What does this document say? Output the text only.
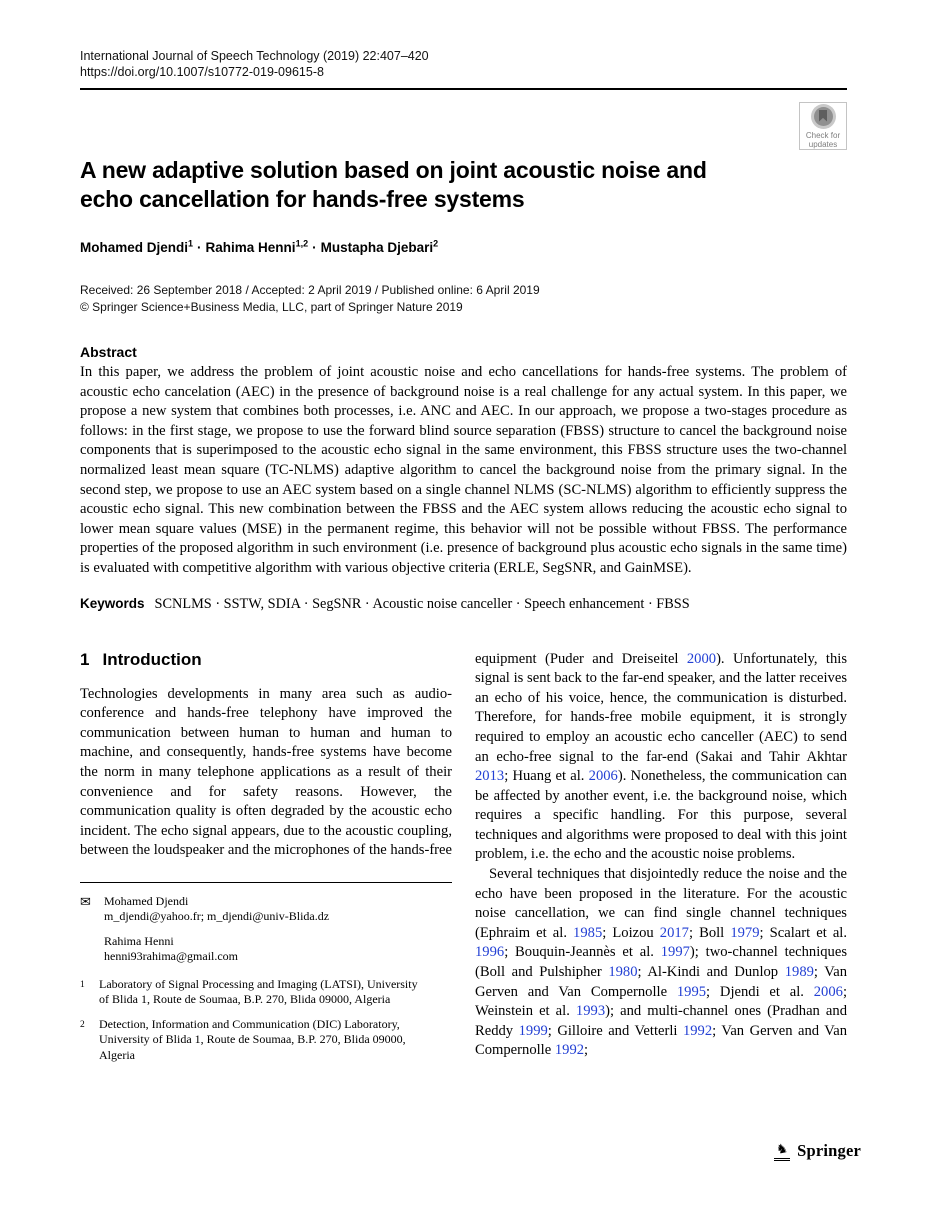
International Journal of Speech Technology (2019) 22:407–420
https://doi.org/10.1007/s10772-019-09615-8
Check for
updates
A new adaptive solution based on joint acoustic noise and echo cancellation for hands-free systems
Mohamed Djendi$^1$ · Rahima Henni$^{1,2}$ · Mustapha Djebari$^2$
Received: 26 September 2018 / Accepted: 2 April 2019 / Published online: 6 April 2019
© Springer Science+Business Media, LLC, part of Springer Nature 2019
Abstract

In this paper, we address the problem of joint acoustic noise and echo cancellations for hands-free systems. The problem of acoustic echo cancelation (AEC) in the presence of background noise is a real challenge for any actual system. In this paper, we propose a new system that combines both processes, i.e. ANC and AEC. In our approach, we propose a two-stages procedure as follows: in the first stage, we propose to use the forward blind source separation (FBSS) structure to cancel the background noise components that is superimposed to the acoustic echo signal in the same environment, this FBSS structure uses the two-channel normalized least mean square (TC-NLMS) adaptive algorithm to cancel the background noise from the primary signal. In the second step, we propose to use an AEC system based on a single channel NLMS (SC-NLMS) algorithm to efficiently suppress the acoustic echo signal. This new combination between the FBSS and the AEC system allows reducing the acoustic echo signal to lower mean square values (MSE) in the permanent regime, this behavior will not be possible without FBSS. The performance properties of the proposed algorithm in such environment (i.e. presence of background plus acoustic echo signals in the same time) is evaluated with competitive algorithm with various objective criteria (ERLE, SegSNR, and GainMSE).

Keywords SCNLMS · SSTW, SDIA · SegSNR · Acoustic noise canceller · Speech enhancement · FBSS
1 Introduction

Technologies developments in many area such as audio-conference and hands-free telephony have improved the communication between human to human and human to machine, and consequently, hands-free systems have become the norm in many telephone applications as a result of their convenience and for safety reasons. However, the communication quality is often degraded by the acoustic echo incident. The echo signal appears, due to the acoustic coupling, between the loudspeaker and the microphones of the hands-free

✉ Mohamed Djendi
m_djendi@yahoo.fr; m_djendi@univ-Blida.dz
Rahima Henni
henni93rahima@gmail.com
1 Laboratory of Signal Processing and Imaging (LATSI), University of Blida 1, Route de Soumaa, B.P. 270, Blida 09000, Algeria
2 Detection, Information and Communication (DIC) Laboratory, University of Blida 1, Route de Soumaa, B.P. 270, Blida 09000, Algeria

equipment (Puder and Dreiseitel 2000). Unfortunately, this signal is sent back to the far-end speaker, and the latter receives an echo of his voice, hence, the communication is disturbed. Therefore, for hands-free mobile equipment, it is strongly required to employ an acoustic echo canceller (AEC) to send an echo-free signal to the far-end (Sakai and Tahir Akhtar 2013; Huang et al. 2006). Nonetheless, the communication can be affected by another event, i.e. the background noise, which requires a specific handling. For this purpose, several techniques and algorithms were proposed to deal with this joint problem, i.e. the echo and the acoustic noise problems.

Several techniques that disjointedly reduce the noise and the echo have been proposed in the literature. For the acoustic noise cancellation, we can find single channel techniques (Ephraim et al. 1985; Loizou 2017; Boll 1979; Scalart et al. 1996; Bouquin-Jeannès et al. 1997); two-channel techniques (Boll and Pulshipher 1980; Al-Kindi and Dunlop 1989; Van Gerven and Van Compernolle 1995; Djendi et al. 2006; Weinstein et al. 1993); and multi-channel ones (Pradhan and Reddy 1999; Gilloire and Vetterli 1992; Van Gerven and Van Compernolle 1992;

♞ Springer
